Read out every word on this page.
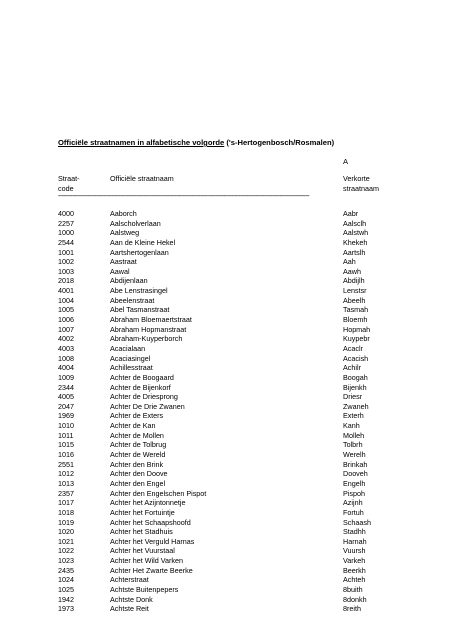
Officiële straatnamen in alfabetische volgorde ('s-Hertogenbosch/Rosmalen)
A
Straat-	Officiële straatnaam	Verkorte
code	straatnaam
-------------------------------------------------------------------------------------------------------------------------------------------------
4000	Aaborch	Aabr
2257	Aalscholverlaan	Aalsclh
1000	Aalstweg	Aalstwh
2544	Aan de Kleine Hekel	Khekeh
1001	Aartshertogenlaan	Aartslh
1002	Aastraat	Aah
1003	Aawal	Aawh
2018	Abdijenlaan	Abdijlh
4001	Abe Lenstrasingel	Lenstsr
1004	Abeelenstraat	Abeelh
1005	Abel Tasmanstraat	Tasmah
1006	Abraham Bloemaertstraat	Bloemh
1007	Abraham Hopmanstraat	Hopmah
4002	Abraham-Kuyperborch	Kuypebr
4003	Acacialaan	Acaclr
1008	Acaciasingel	Acacish
4004	Achillesstraat	Achilr
1009	Achter de Boogaard	Boogah
2344	Achter de Bijenkorf	Bijenkh
4005	Achter de Driesprong	Driesr
2047	Achter De Drie Zwanen	Zwaneh
1969	Achter de Exters	Exterh
1010	Achter de Kan	Kanh
1011	Achter de Mollen	Molleh
1015	Achter de Tolbrug	Tolbrh
1016	Achter de Wereld	Werelh
2551	Achter den Brink	Brinkah
1012	Achter den Doove	Dooveh
1013	Achter den Engel	Engelh
2357	Achter den Engelschen Pispot	Pispoh
1017	Achter het Azijntonnetje	Azijnh
1018	Achter het Fortuintje	Fortuh
1019	Achter het Schaapshoofd	Schaash
1020	Achter het Stadhuis	Stadhh
1021	Achter het Verguld Harnas	Harnah
1022	Achter het Vuurstaal	Vuursh
1023	Achter het Wild Varken	Varkeh
2435	Achter Het Zwarte Beerke	Beerkh
1024	Achterstraat	Achteh
1025	Achtste Buitenpepers	8buith
1942	Achtste Donk	8donkh
1973	Achtste Reit	8reith
